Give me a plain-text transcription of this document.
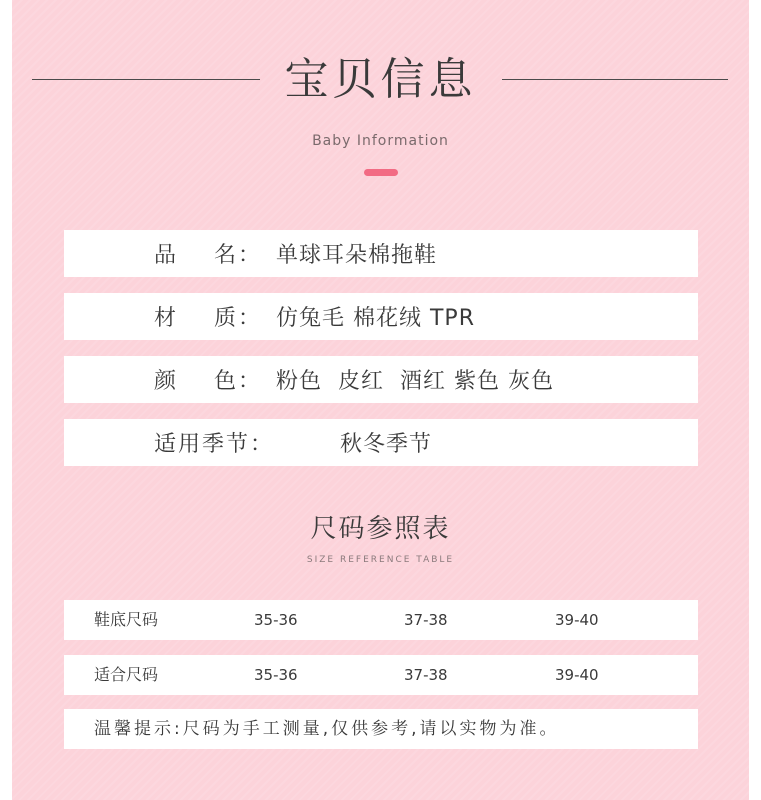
宝贝信息
Baby Information
品    名： 单球耳朵棉拖鞋
材    质： 仿兔毛 棉花绒 TPR
颜    色： 粉色  皮红  酒红 紫色 灰色
适用季节：	秋冬季节
尺码参照表
SIZE REFERENCE TABLE
鞋底尺码	35-36	37-38	39-40
适合尺码	35-36	37-38	39-40
温馨提示:尺码为手工测量,仅供参考,请以实物为准。
